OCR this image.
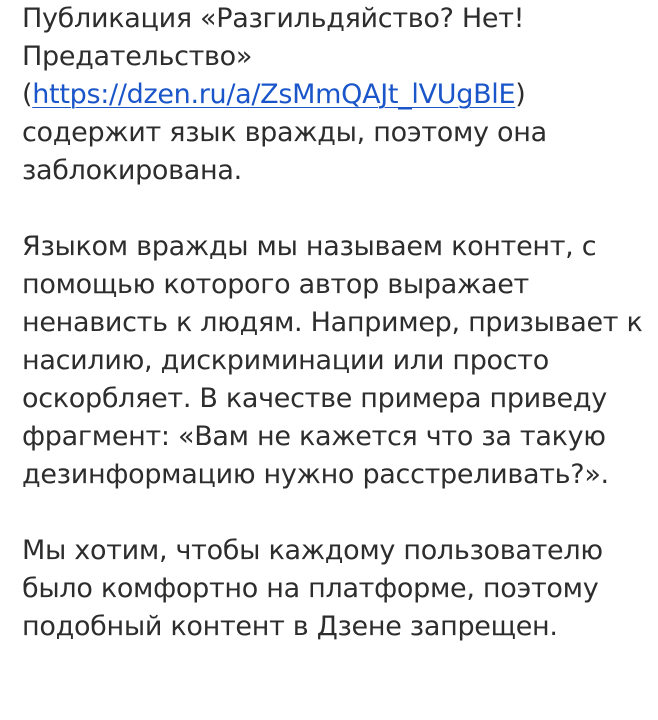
Публикация «Разгильдяйство? Нет!
Предательство»
(https://dzen.ru/a/ZsMmQAJt_lVUgBlE)
содержит язык вражды, поэтому она
заблокирована.
Языком вражды мы называем контент, с
помощью которого автор выражает
ненависть к людям. Например, призывает к
насилию, дискриминации или просто
оскорбляет. В качестве примера приведу
фрагмент: «Вам не кажется что за такую
дезинформацию нужно расстреливать?».
Мы хотим, чтобы каждому пользователю
было комфортно на платформе, поэтому
подобный контент в Дзене запрещен.
